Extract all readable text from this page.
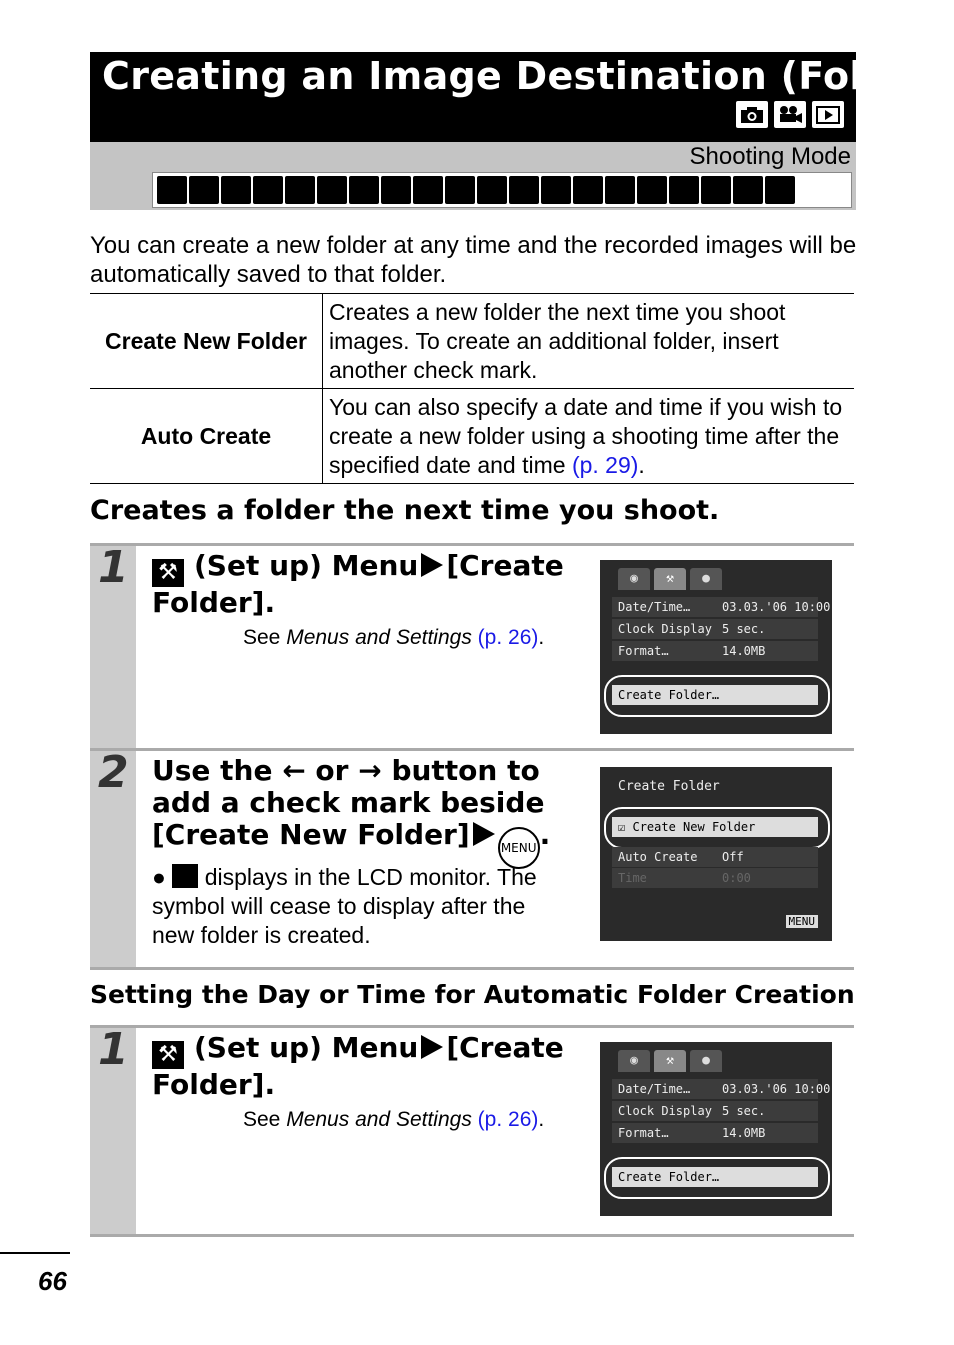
Creating an Image Destination (Folder)
Shooting Mode
You can create a new folder at any time and the recorded images will be automatically saved to that folder.
Create New Folder	Creates a new folder the next time you shoot images. To create an additional folder, insert another check mark.
Auto Create	You can also specify a date and time if you wish to create a new folder using a shooting time after the specified date and time (p. 29).
Creates a folder the next time you shoot.
1 ⚒ (Set up) Menu [Create Folder].
See Menus and Settings (p. 26).
◉	⚒	●
Date/Time…	03.03.'06 10:00
Clock Display 5 sec.
Format…	14.0MB
Create Folder…
2 Use the ← or → button to add a check mark beside [Create New Folder]	MENU .
●  displays in the LCD monitor. The symbol will cease to display after the new folder is created.
Create Folder
☑ Create New Folder
Auto Create Off
Time	0:00
MENU
Setting the Day or Time for Automatic Folder Creation
1 ⚒ (Set up) Menu [Create Folder].
See Menus and Settings (p. 26).
◉	⚒	●
Date/Time…	03.03.'06 10:00
Clock Display 5 sec.
Format…	14.0MB
Create Folder…
66
